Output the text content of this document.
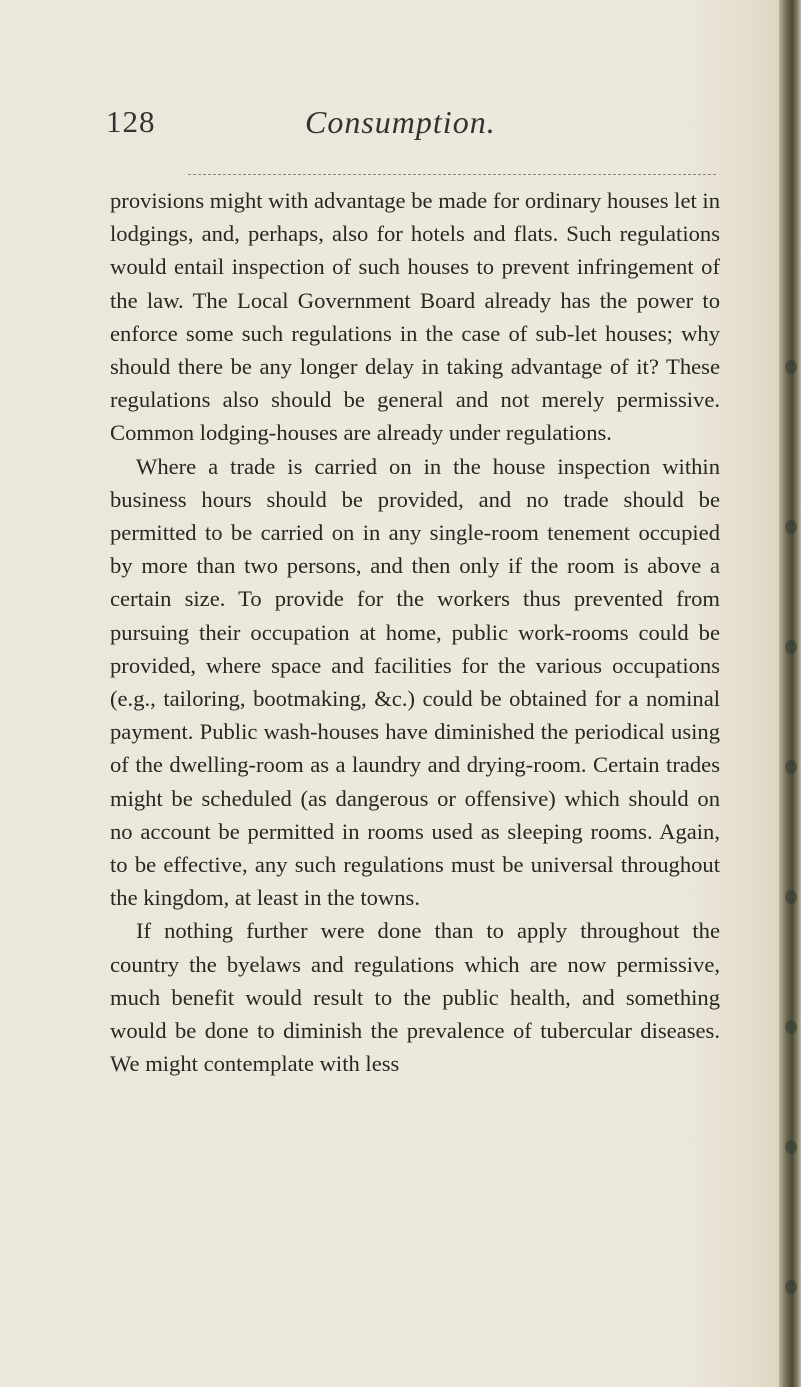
128	Consumption.

provisions might with advantage be made for ordinary houses let in lodgings, and, perhaps, also for hotels and flats. Such regulations would entail inspection of such houses to prevent infringement of the law. The Local Government Board already has the power to enforce some such regulations in the case of sub-let houses; why should there be any longer delay in taking advantage of it? These regulations also should be general and not merely permissive. Common lodging-houses are already under regulations.

Where a trade is carried on in the house inspection within business hours should be provided, and no trade should be permitted to be carried on in any single-room tenement occupied by more than two persons, and then only if the room is above a certain size. To provide for the workers thus prevented from pursuing their occupation at home, public work-rooms could be provided, where space and facilities for the various occupations (e.g., tailoring, bootmaking, &c.) could be obtained for a nominal payment. Public wash-houses have diminished the periodical using of the dwelling-room as a laundry and drying-room. Certain trades might be scheduled (as dangerous or offensive) which should on no account be permitted in rooms used as sleeping rooms. Again, to be effective, any such regulations must be universal throughout the kingdom, at least in the towns.

If nothing further were done than to apply throughout the country the byelaws and regulations which are now permissive, much benefit would result to the public health, and something would be done to diminish the prevalence of tubercular diseases. We might contemplate with less
